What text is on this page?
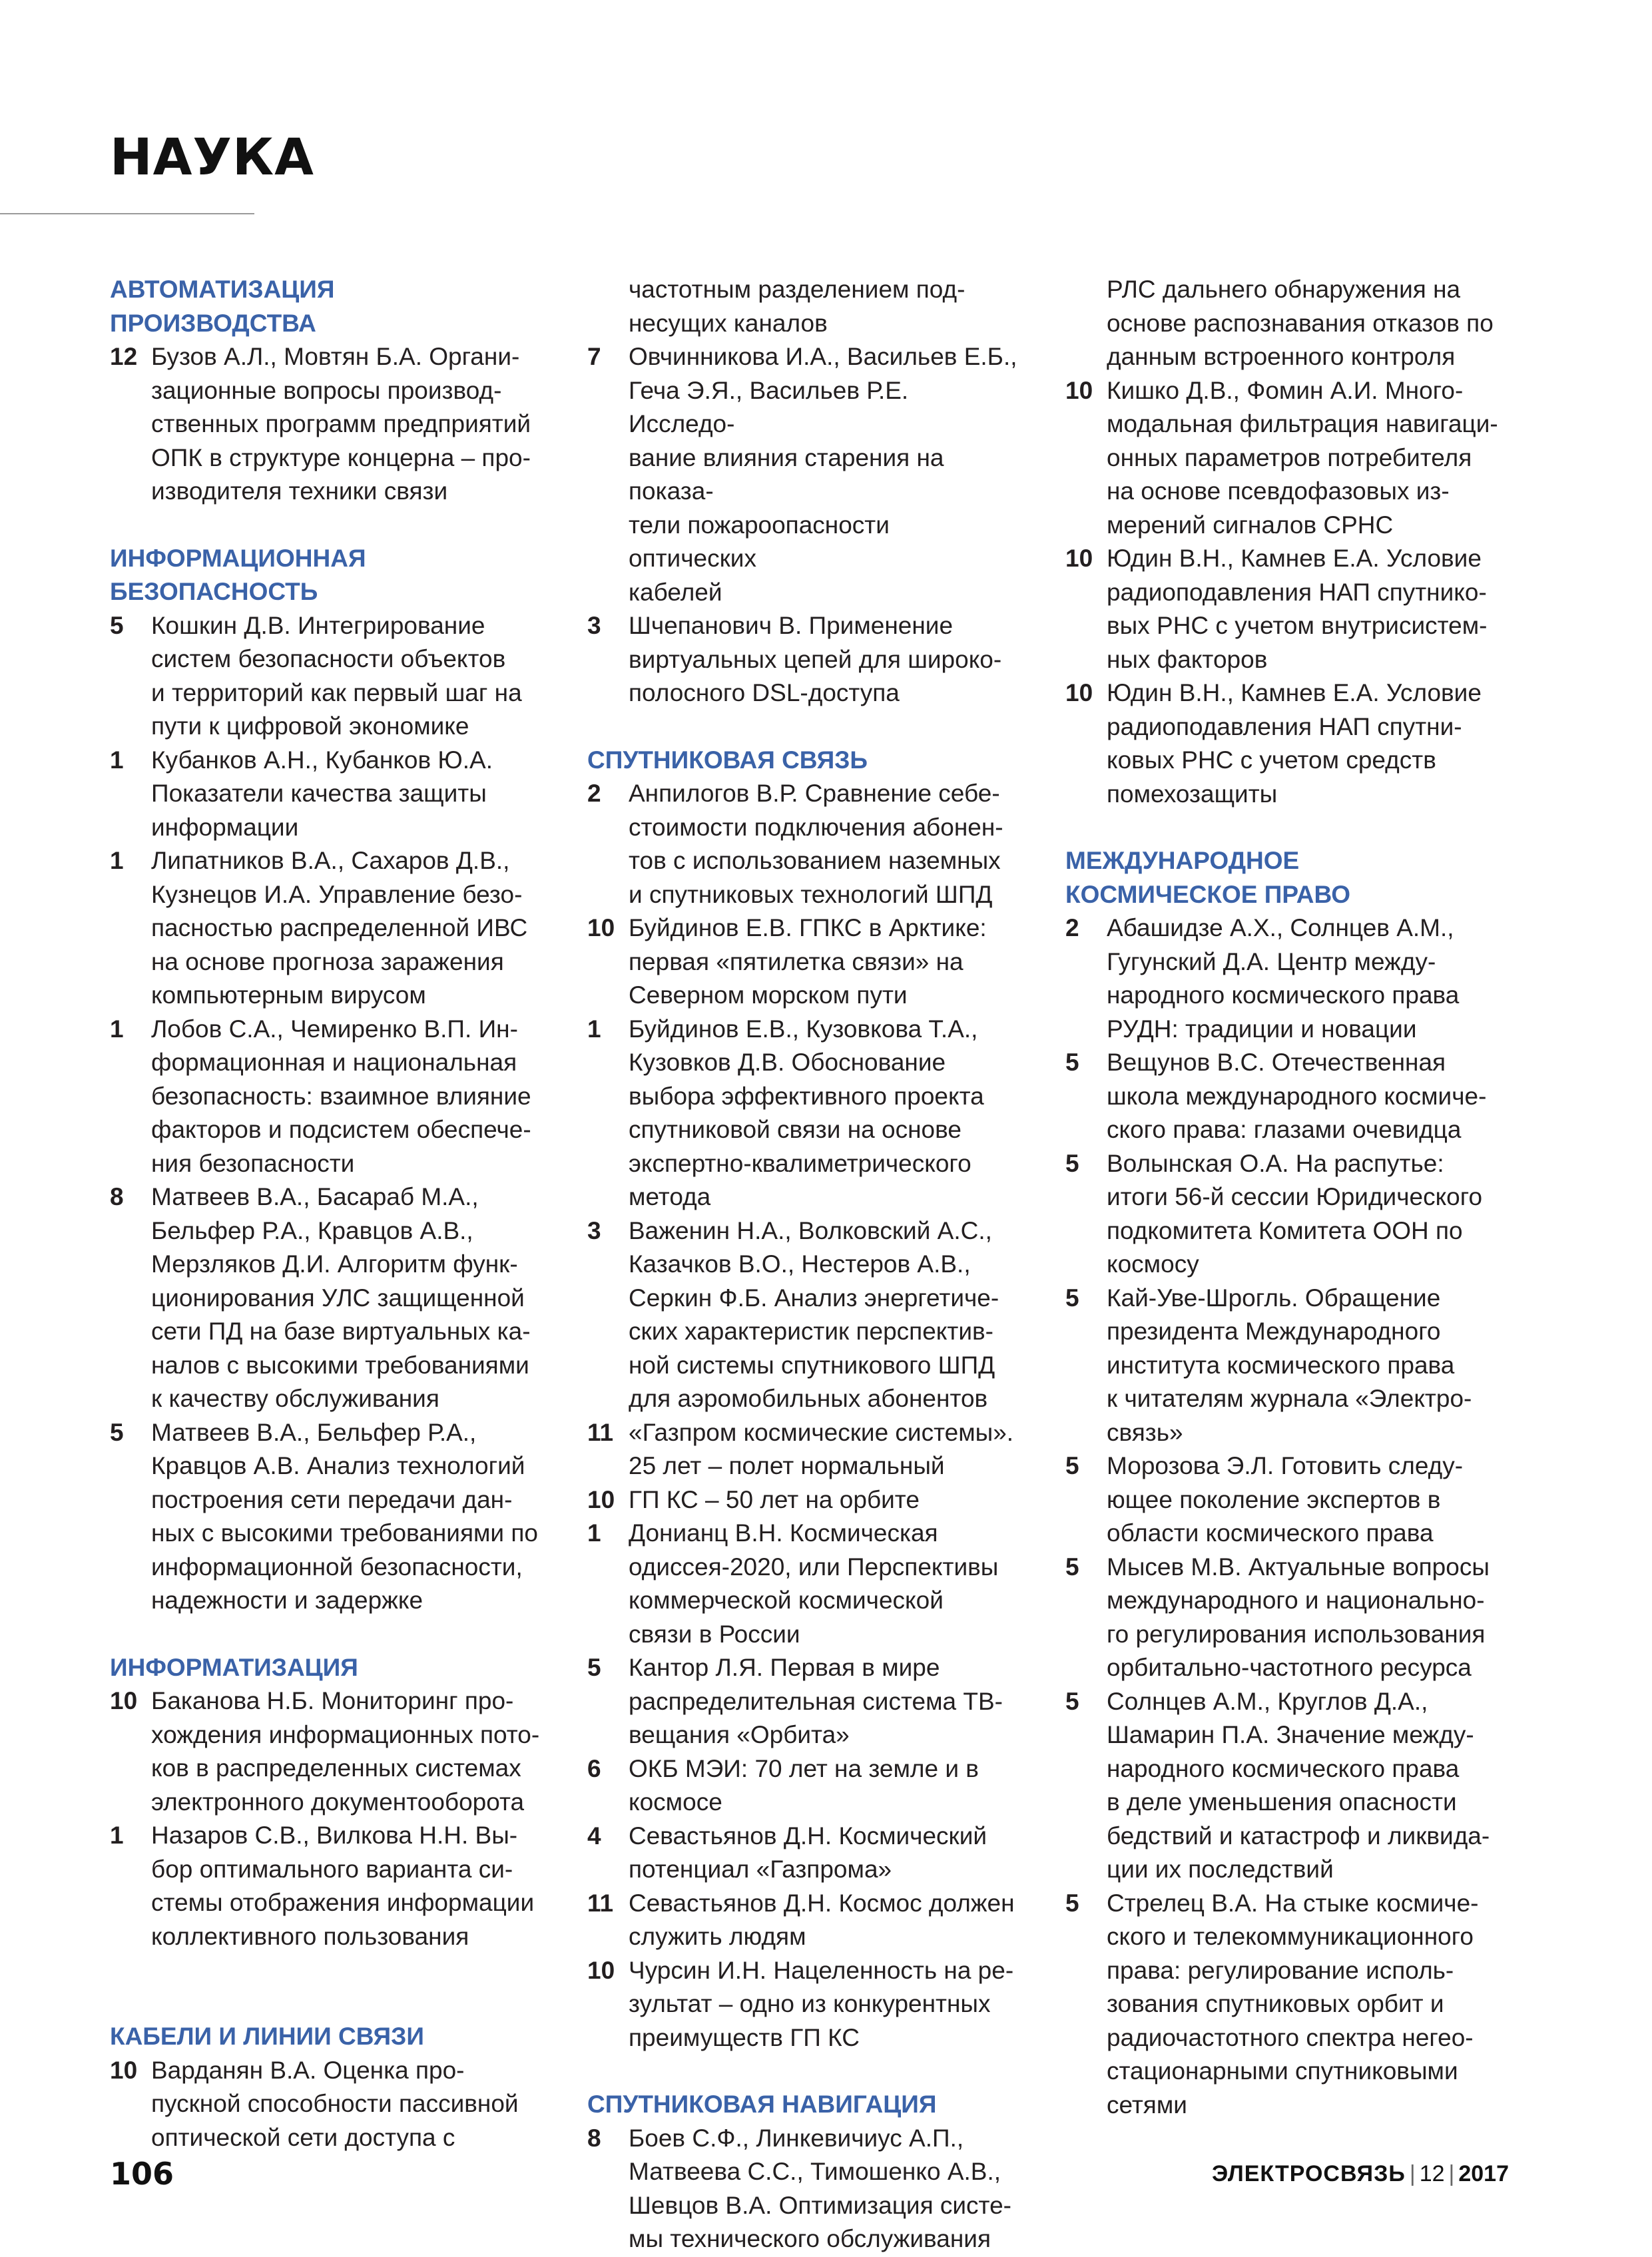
НАУКА
АВТОМАТИЗАЦИЯ
ПРОИЗВОДСТВА
12 Бузов А.Л., Мовтян Б.А. Органи-
зационные вопросы производ-
ственных программ предприятий
ОПК в структуре концерна – про-
изводителя техники связи
ИНФОРМАЦИОННАЯ
БЕЗОПАСНОСТЬ
5 Кошкин Д.В. Интегрирование
систем безопасности объектов
и территорий как первый шаг на
пути к цифровой экономике
1 Кубанков А.Н., Кубанков Ю.А.
Показатели качества защиты
информации
1 Липатников В.А., Сахаров Д.В.,
Кузнецов И.А. Управление безо-
пасностью распределенной ИВС
на основе прогноза заражения
компьютерным вирусом
1 Лобов С.А., Чемиренко В.П. Ин-
формационная и национальная
безопасность: взаимное влияние
факторов и подсистем обеспече-
ния безопасности
8 Матвеев В.А., Басараб М.А.,
Бельфер Р.А., Кравцов А.В.,
Мерзляков Д.И. Алгоритм функ-
ционирования УЛС защищенной
сети ПД на базе виртуальных ка-
налов с высокими требованиями
к качеству обслуживания
5 Матвеев В.А., Бельфер Р.А.,
Кравцов А.В. Анализ технологий
построения сети передачи дан-
ных с высокими требованиями по
информационной безопасности,
надежности и задержке
ИНФОРМАТИЗАЦИЯ
10 Баканова Н.Б. Мониторинг про-
хождения информационных пото-
ков в распределенных системах
электронного документооборота
1 Назаров С.В., Вилкова Н.Н. Вы-
бор оптимального варианта си-
стемы отображения информации
коллективного пользования
КАБЕЛИ И ЛИНИИ СВЯЗИ
10 Варданян В.А. Оценка про-
пускной способности пассивной
оптической сети доступа с
частотным разделением под-
несущих каналов
7 Овчинникова И.А., Васильев Е.Б.,
Геча Э.Я., Васильев Р.Е. Исследо-
вание влияния старения на показа-
тели пожароопасности оптических
кабелей
3 Шчепанович В. Применение
виртуальных цепей для широко-
полосного DSL-доступа
СПУТНИКОВАЯ СВЯЗЬ
2 Анпилогов В.Р. Сравнение себе-
стоимости подключения абонен-
тов с использованием наземных
и спутниковых технологий ШПД
10 Буйдинов Е.В. ГПКС в Арктике:
первая «пятилетка связи» на
Северном морском пути
1 Буйдинов Е.В., Кузовкова Т.А.,
Кузовков Д.В. Обоснование
выбора эффективного проекта
спутниковой связи на основе
экспертно-квалиметрического
метода
3 Важенин Н.А., Волковский А.С.,
Казачков В.О., Нестеров А.В.,
Серкин Ф.Б. Анализ энергетиче-
ских характеристик перспектив-
ной системы спутникового ШПД
для аэромобильных абонентов
11 «Газпром космические системы».
25 лет – полет нормальный
10 ГП КС – 50 лет на орбите
1 Донианц В.Н. Космическая
одиссея-2020, или Перспективы
коммерческой космической
связи в России
5 Кантор Л.Я. Первая в мире
распределительная система ТВ-
вещания «Орбита»
6 ОКБ МЭИ: 70 лет на земле и в
космосе
4 Севастьянов Д.Н. Космический
потенциал «Газпрома»
11 Севастьянов Д.Н. Космос должен
служить людям
10 Чурсин И.Н. Нацеленность на ре-
зультат – одно из конкурентных
преимуществ ГП КС
СПУТНИКОВАЯ НАВИГАЦИЯ
8 Боев С.Ф., Линкевичиус А.П.,
Матвеева С.С., Тимошенко А.В.,
Шевцов В.А. Оптимизация систе-
мы технического обслуживания
РЛС дальнего обнаружения на
основе распознавания отказов по
данным встроенного контроля
10 Кишко Д.В., Фомин А.И. Много-
модальная фильтрация навигаци-
онных параметров потребителя
на основе псевдофазовых из-
мерений сигналов СРНС
10 Юдин В.Н., Камнев Е.А. Условие
радиоподавления НАП спутнико-
вых РНС с учетом внутрисистем-
ных факторов
10 Юдин В.Н., Камнев Е.А. Условие
радиоподавления НАП спутни-
ковых РНС с учетом средств
помехозащиты
МЕЖДУНАРОДНОЕ
КОСМИЧЕСКОЕ ПРАВО
2 Абашидзе А.Х., Солнцев А.М.,
Гугунский Д.А. Центр между-
народного космического права
РУДН: традиции и новации
5 Вещунов В.С. Отечественная
школа международного космиче-
ского права: глазами очевидца
5 Волынская О.А. На распутье:
итоги 56-й сессии Юридического
подкомитета Комитета ООН по
космосу
5 Кай-Уве-Шрогль. Обращение
президента Международного
института космического права
к читателям журнала «Электро-
связь»
5 Морозова Э.Л. Готовить следу-
ющее поколение экспертов в
области космического права
5 Мысев М.В. Актуальные вопросы
международного и национально-
го регулирования использования
орбитально-частотного ресурса
5 Солнцев А.М., Круглов Д.А.,
Шамарин П.А. Значение между-
народного космического права
в деле уменьшения опасности
бедствий и катастроф и ликвида-
ции их последствий
5 Стрелец В.А. На стыке космиче-
ского и телекоммуникационного
права: регулирование исполь-
зования спутниковых орбит и
радиочастотного спектра негео-
стационарными спутниковыми
сетями
106	ЭЛЕКТРОСВЯЗЬ | 12 | 2017
